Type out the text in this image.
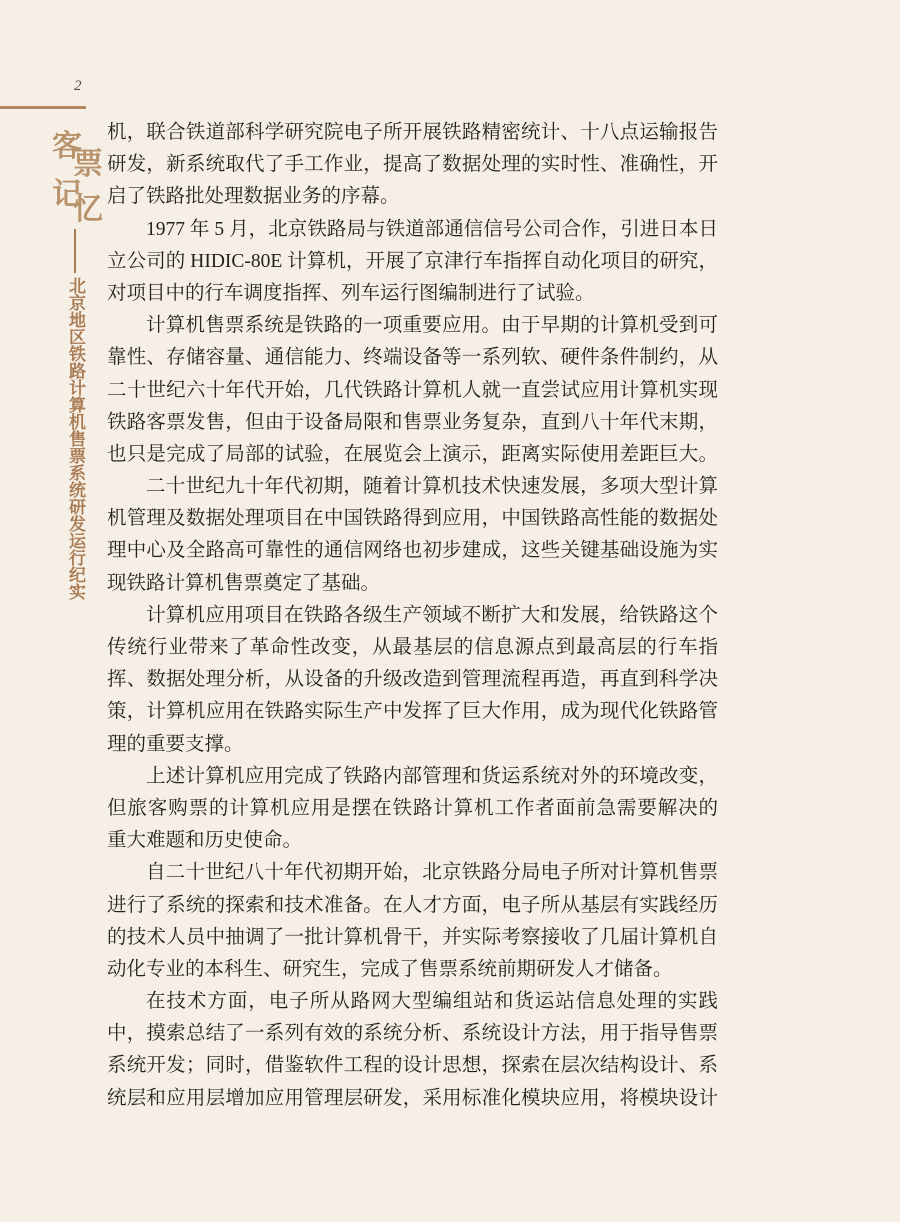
2
客
票
记
忆
北京地区铁路计算机售票系统研发运行纪实
机，联合铁道部科学研究院电子所开展铁路精密统计、十八点运输报告
研发，新系统取代了手工作业，提高了数据处理的实时性、准确性，开
启了铁路批处理数据业务的序幕。
1977 年 5 月，北京铁路局与铁道部通信信号公司合作，引进日本日
立公司的 HIDIC-80E 计算机，开展了京津行车指挥自动化项目的研究，
对项目中的行车调度指挥、列车运行图编制进行了试验。
计算机售票系统是铁路的一项重要应用。由于早期的计算机受到可
靠性、存储容量、通信能力、终端设备等一系列软、硬件条件制约，从
二十世纪六十年代开始，几代铁路计算机人就一直尝试应用计算机实现
铁路客票发售，但由于设备局限和售票业务复杂，直到八十年代末期，
也只是完成了局部的试验，在展览会上演示，距离实际使用差距巨大。
二十世纪九十年代初期，随着计算机技术快速发展，多项大型计算
机管理及数据处理项目在中国铁路得到应用，中国铁路高性能的数据处
理中心及全路高可靠性的通信网络也初步建成，这些关键基础设施为实
现铁路计算机售票奠定了基础。
计算机应用项目在铁路各级生产领域不断扩大和发展，给铁路这个
传统行业带来了革命性改变，从最基层的信息源点到最高层的行车指
挥、数据处理分析，从设备的升级改造到管理流程再造，再直到科学决
策，计算机应用在铁路实际生产中发挥了巨大作用，成为现代化铁路管
理的重要支撑。
上述计算机应用完成了铁路内部管理和货运系统对外的环境改变，
但旅客购票的计算机应用是摆在铁路计算机工作者面前急需要解决的
重大难题和历史使命。
自二十世纪八十年代初期开始，北京铁路分局电子所对计算机售票
进行了系统的探索和技术准备。在人才方面，电子所从基层有实践经历
的技术人员中抽调了一批计算机骨干，并实际考察接收了几届计算机自
动化专业的本科生、研究生，完成了售票系统前期研发人才储备。
在技术方面，电子所从路网大型编组站和货运站信息处理的实践
中，摸索总结了一系列有效的系统分析、系统设计方法，用于指导售票
系统开发；同时，借鉴软件工程的设计思想，探索在层次结构设计、系
统层和应用层增加应用管理层研发，采用标准化模块应用，将模块设计
